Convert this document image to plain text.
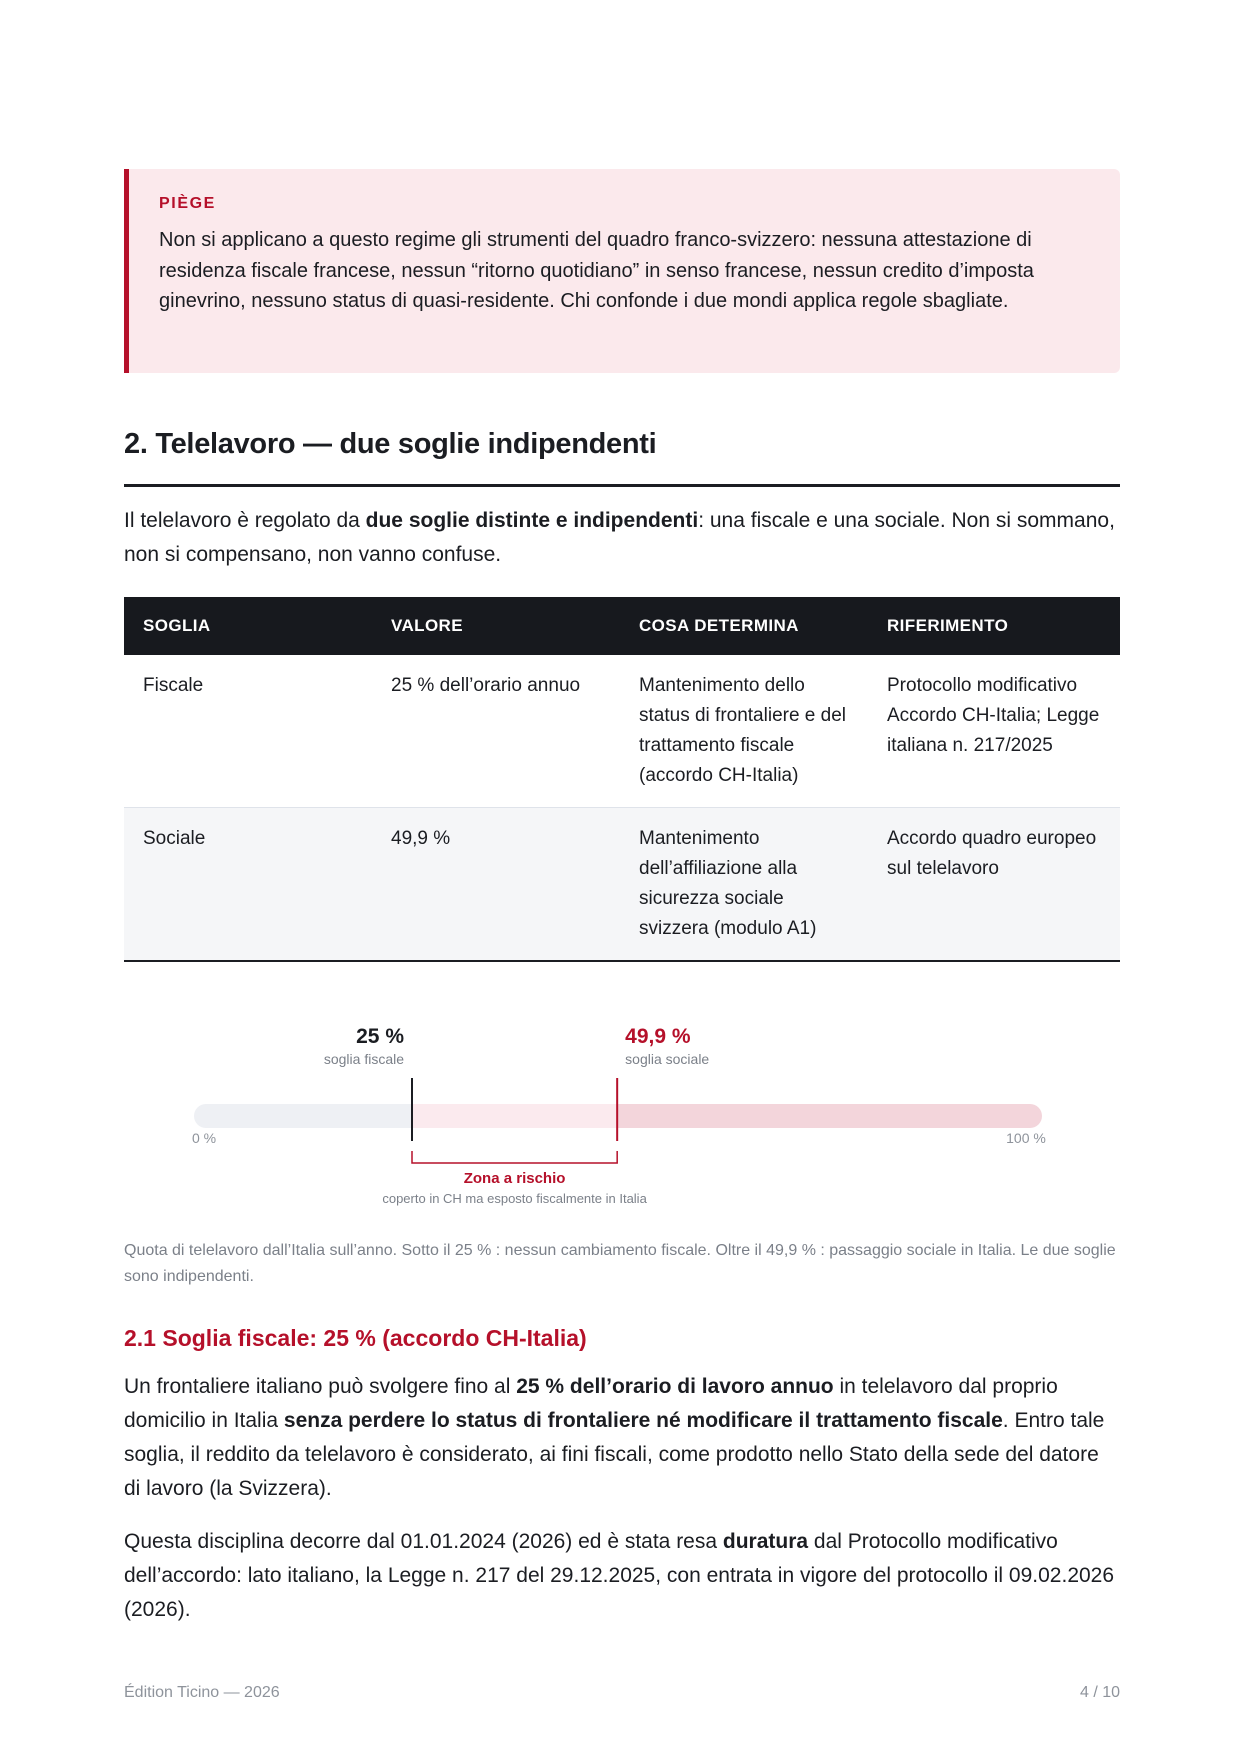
PIÈGE
Non si applicano a questo regime gli strumenti del quadro franco-svizzero: nessuna attestazione di residenza fiscale francese, nessun “ritorno quotidiano” in senso francese, nessun credito d’imposta ginevrino, nessuno status di quasi-residente. Chi confonde i due mondi applica regole sbagliate.
2. Telelavoro — due soglie indipendenti
Il telelavoro è regolato da due soglie distinte e indipendenti: una fiscale e una sociale. Non si sommano, non si compensano, non vanno confuse.
SOGLIA	VALORE	COSA DETERMINA	RIFERIMENTO
Fiscale	25 % dell’orario annuo	Mantenimento dello status di frontaliere e del trattamento fiscale (accordo CH‑Italia)	Protocollo modificativo Accordo CH‑Italia; Legge italiana n. 217/2025
Sociale	49,9 %	Mantenimento dell’affiliazione alla sicurezza sociale svizzera (modulo A1)	Accordo quadro europeo sul telelavoro
25 %
soglia fiscale
49,9 %
soglia sociale
0 %	100 %
Zona a rischio
coperto in CH ma esposto fiscalmente in Italia
Quota di telelavoro dall’Italia sull’anno. Sotto il 25 % : nessun cambiamento fiscale. Oltre il 49,9 % : passaggio sociale in Italia. Le due soglie sono indipendenti.
2.1 Soglia fiscale: 25 % (accordo CH-Italia)
Un frontaliere italiano può svolgere fino al 25 % dell’orario di lavoro annuo in telelavoro dal proprio domicilio in Italia senza perdere lo status di frontaliere né modificare il trattamento fiscale. Entro tale soglia, il reddito da telelavoro è considerato, ai fini fiscali, come prodotto nello Stato della sede del datore di lavoro (la Svizzera).
Questa disciplina decorre dal 01.01.2024 (2026) ed è stata resa duratura dal Protocollo modificativo dell’accordo: lato italiano, la Legge n. 217 del 29.12.2025, con entrata in vigore del protocollo il 09.02.2026 (2026).
Édition Ticino — 2026	4 / 10
